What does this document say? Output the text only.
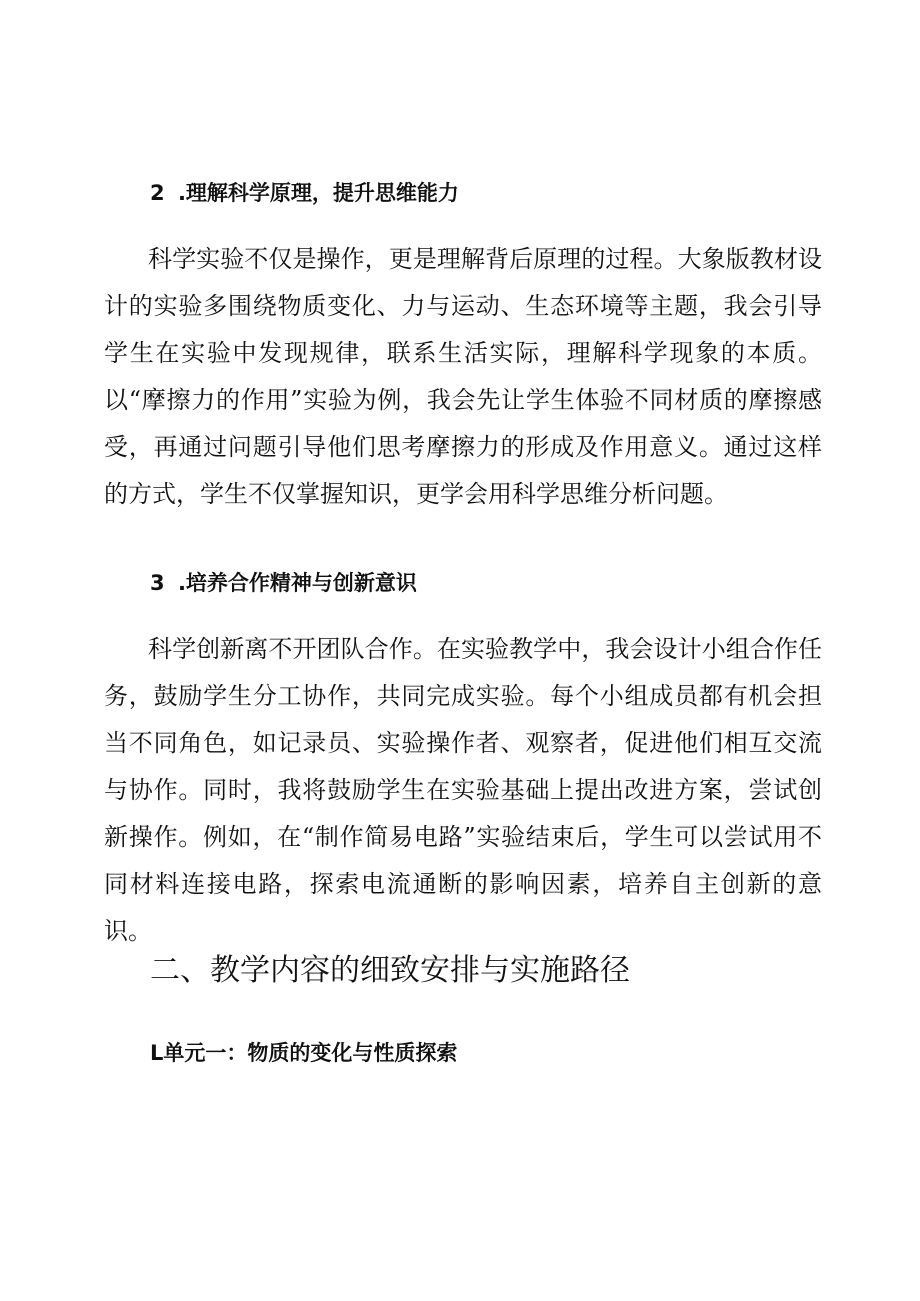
2 .理解科学原理，提升思维能力

科学实验不仅是操作，更是理解背后原理的过程。大象版教材设计的实验多围绕物质变化、力与运动、生态环境等主题，我会引导学生在实验中发现规律，联系生活实际，理解科学现象的本质。以“摩擦力的作用”实验为例，我会先让学生体验不同材质的摩擦感受，再通过问题引导他们思考摩擦力的形成及作用意义。通过这样的方式，学生不仅掌握知识，更学会用科学思维分析问题。

3 .培养合作精神与创新意识

科学创新离不开团队合作。在实验教学中，我会设计小组合作任务，鼓励学生分工协作，共同完成实验。每个小组成员都有机会担当不同角色，如记录员、实验操作者、观察者，促进他们相互交流与协作。同时，我将鼓励学生在实验基础上提出改进方案，尝试创新操作。例如，在“制作简易电路”实验结束后，学生可以尝试用不同材料连接电路，探索电流通断的影响因素，培养自主创新的意识。

二、教学内容的细致安排与实施路径
L单元一：物质的变化与性质探索
